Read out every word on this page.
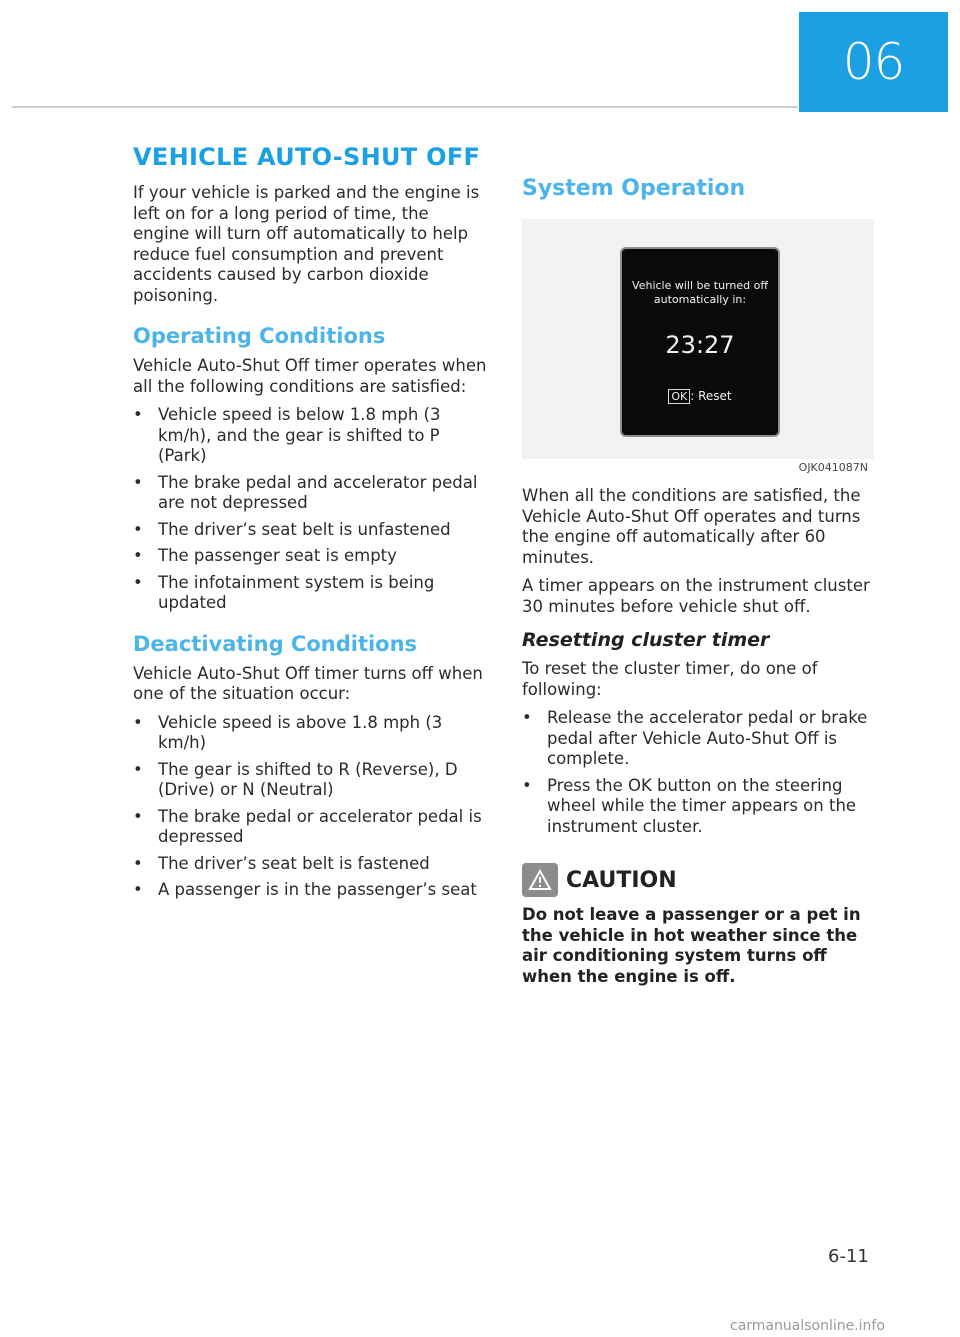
06
VEHICLE AUTO-SHUT OFF

If your vehicle is parked and the engine is left on for a long period of time, the engine will turn off automatically to help reduce fuel consumption and prevent accidents caused by carbon dioxide poisoning.

Operating Conditions

Vehicle Auto-Shut Off timer operates when all the following conditions are satisfied:

• Vehicle speed is below 1.8 mph (3 km/h), and the gear is shifted to P (Park)
• The brake pedal and accelerator pedal are not depressed
• The driver’s seat belt is unfastened
• The passenger seat is empty
• The infotainment system is being updated
Deactivating Conditions

Vehicle Auto-Shut Off timer turns off when one of the situation occur:

• Vehicle speed is above 1.8 mph (3 km/h)
• The gear is shifted to R (Reverse), D (Drive) or N (Neutral)
• The brake pedal or accelerator pedal is depressed
• The driver’s seat belt is fastened
• A passenger is in the passenger’s seat
System Operation
Vehicle will be turned off automatically in:
23:27
OK : Reset
OJK041087N

When all the conditions are satisfied, the Vehicle Auto-Shut Off operates and turns the engine off automatically after 60 minutes.

A timer appears on the instrument cluster 30 minutes before vehicle shut off.

Resetting cluster timer

To reset the cluster timer, do one of following:

• Release the accelerator pedal or brake pedal after Vehicle Auto-Shut Off is complete.
• Press the OK button on the steering wheel while the timer appears on the instrument cluster.
CAUTION
Do not leave a passenger or a pet in the vehicle in hot weather since the air conditioning system turns off when the engine is off.
6-11
carmanualsonline.info
